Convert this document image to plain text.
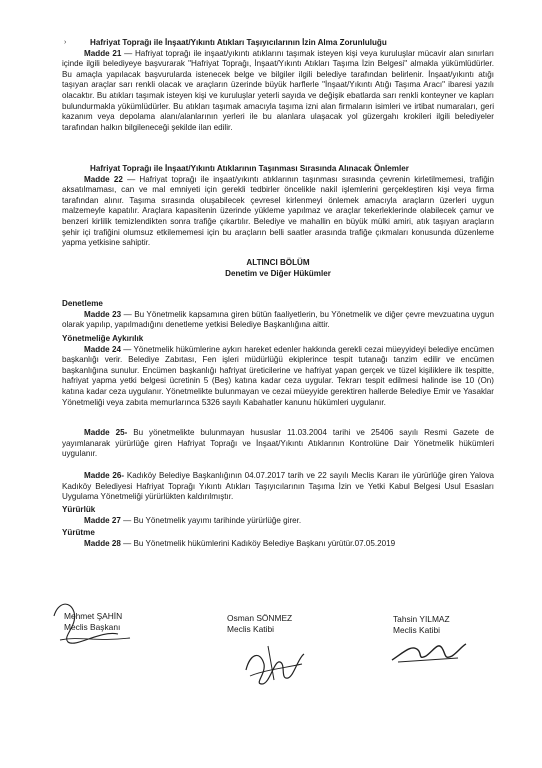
›	Hafriyat Toprağı ile İnşaat/Yıkıntı Atıkları Taşıyıcılarının İzin Alma Zorunluluğu

Madde 21 — Hafriyat toprağı ile inşaat/yıkıntı atıklarını taşımak isteyen kişi veya kuruluşlar mücavir alan sınırları içinde ilgili belediyeye başvurarak "Hafriyat Toprağı, İnşaat/Yıkıntı Atıkları Taşıma İzin Belgesi" almakla yükümlüdürler. Bu amaçla yapılacak başvurularda istenecek belge ve bilgiler ilgili belediye tarafından belirlenir. İnşaat/yıkıntı atığı taşıyan araçlar sarı renkli olacak ve araçların üzerinde büyük harflerle "İnşaat/Yıkıntı Atığı Taşıma Aracı" ibaresi yazılı olacaktır. Bu atıkları taşımak isteyen kişi ve kuruluşlar yeterli sayıda ve değişik ebatlarda sarı renkli konteyner ve kapları bulundurmakla yükümlüdürler. Bu atıkları taşımak amacıyla taşıma izni alan firmaların isimleri ve irtibat numaraları, geri kazanım veya depolama alanı/alanlarının yerleri ile bu alanlara ulaşacak yol güzergahı krokileri ilgili belediyeler tarafından halkın bilgileneceği şekilde ilan edilir.

Hafriyat Toprağı ile İnşaat/Yıkıntı Atıklarının Taşınması Sırasında Alınacak Önlemler

Madde 22 — Hafriyat toprağı ile inşaat/yıkıntı atıklarının taşınması sırasında çevrenin kirletilmemesi, trafiğin aksatılmaması, can ve mal emniyeti için gerekli tedbirler öncelikle nakil işlemlerini gerçekleştiren kişi veya firma tarafından alınır. Taşıma sırasında oluşabilecek çevresel kirlenmeyi önlemek amacıyla araçların üzerleri uygun malzemeyle kapatılır. Araçlara kapasitenin üzerinde yükleme yapılmaz ve araçlar tekerleklerinde olabilecek çamur ve benzeri kirlilik temizlendikten sonra trafiğe çıkartılır. Belediye ve mahallin en büyük mülki amiri, atık taşıyan araçların şehir içi trafiğini olumsuz etkilememesi için bu araçların belli saatler arasında trafiğe çıkmaları konusunda düzenleme yapma yetkisine sahiptir.

ALTINCI BÖLÜM
Denetim ve Diğer Hükümler
Denetleme

Madde 23 — Bu Yönetmelik kapsamına giren bütün faaliyetlerin, bu Yönetmelik ve diğer çevre mevzuatına uygun olarak yapılıp, yapılmadığını denetleme yetkisi Belediye Başkanlığına aittir.

Yönetmeliğe Aykırılık

Madde 24 — Yönetmelik hükümlerine aykırı hareket edenler hakkında gerekli cezai müeyyideyi belediye encümen başkanlığı verir. Belediye Zabıtası, Fen işleri müdürlüğü ekiplerince tespit tutanağı tanzim edilir ve encümen başkanlığına sunulur. Encümen başkanlığı hafriyat üreticilerine ve hafriyat yapan gerçek ve tüzel kişiliklere ilk tespitte, hafriyat yapma yetki belgesi ücretinin 5 (Beş) katına kadar ceza uygular. Tekrarı tespit edilmesi halinde ise 10 (On) katına kadar ceza uygulanır. Yönetmelikte bulunmayan ve cezai müeyyide gerektiren hallerde Belediye Emir ve Yasaklar Yönetmeliği veya zabıta memurlarınca 5326 sayılı Kabahatler kanunu hükümleri uygulanır.

Madde 25- Bu yönetmelikte bulunmayan hususlar 11.03.2004 tarihi ve 25406 sayılı Resmi Gazete de yayımlanarak yürürlüğe giren Hafriyat Toprağı ve İnşaat/Yıkıntı Atıklarının Kontrolüne Dair Yönetmelik hükümleri uygulanır.

Madde 26- Kadıköy Belediye Başkanlığının 04.07.2017 tarih ve 22 sayılı Meclis Kararı ile yürürlüğe giren Yalova Kadıköy Belediyesi Hafriyat Toprağı Yıkıntı Atıkları Taşıyıcılarının Taşıma İzin ve Yetki Kabul Belgesi Usul Esasları Uygulama Yönetmeliği yürürlükten kaldırılmıştır.

Yürürlük

Madde 27 — Bu Yönetmelik yayımı tarihinde yürürlüğe girer.

Yürütme

Madde 28 — Bu Yönetmelik hükümlerini Kadıköy Belediye Başkanı yürütür.07.05.2019

Mehmet ŞAHİN
Meclis Başkanı
Osman SÖNMEZ
Meclis Katibi
Tahsin YILMAZ
Meclis Katibi
